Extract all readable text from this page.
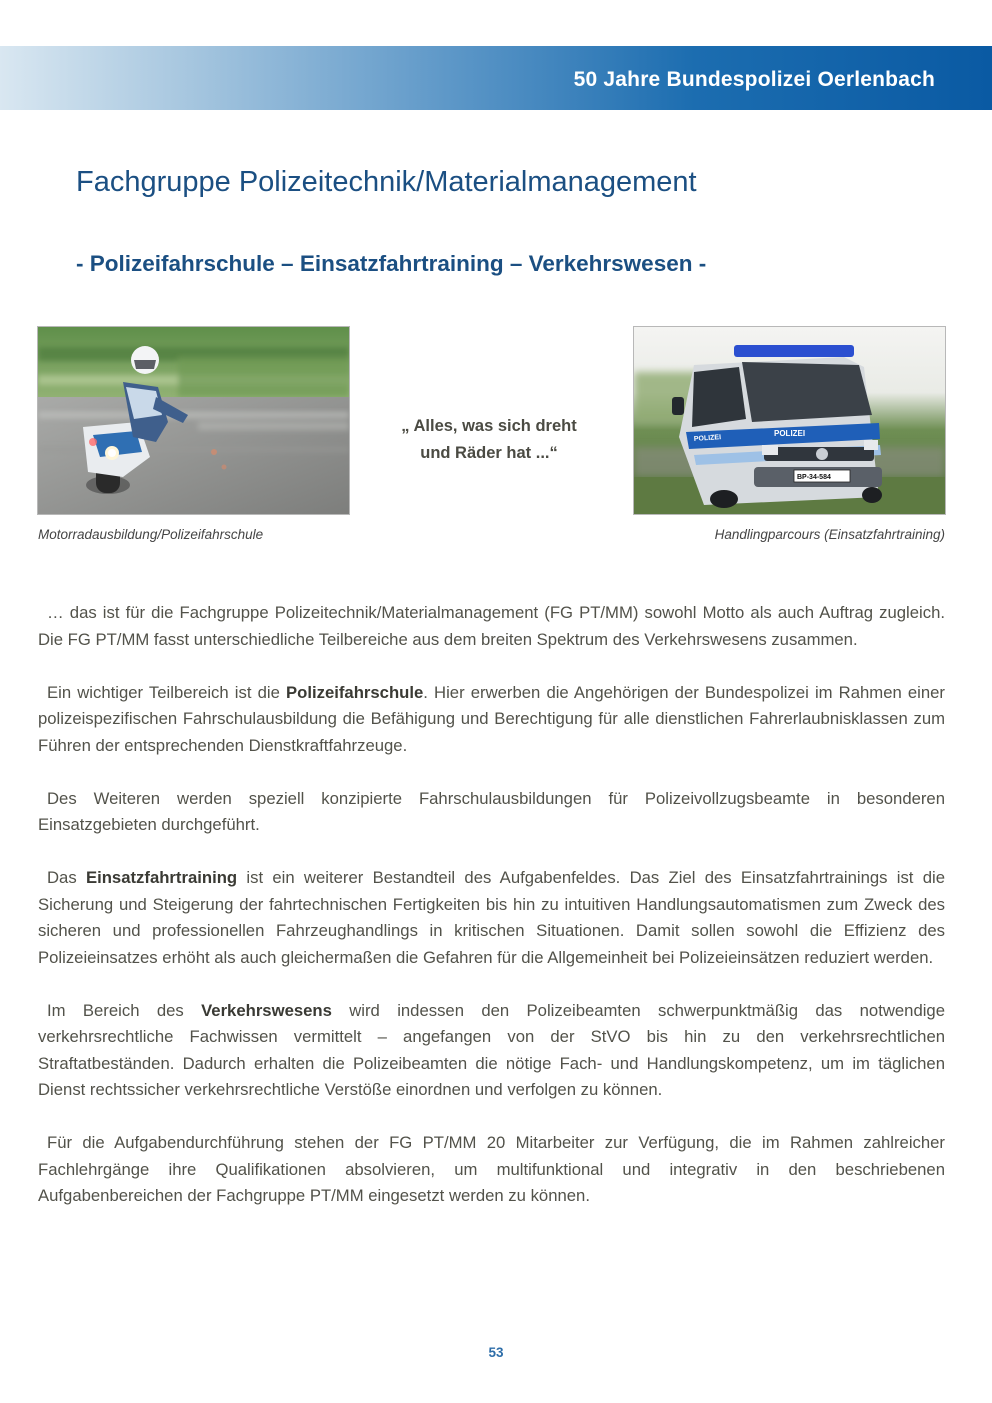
50 Jahre Bundespolizei Oerlenbach
Fachgruppe Polizeitechnik/Materialmanagement
- Polizeifahrschule – Einsatzfahrtraining – Verkehrswesen -
„ Alles, was sich dreht
und Räder hat ...“
POLIZEI
POLIZEI
BP-34-584
Motorradausbildung/Polizeifahrschule	Handlingparcours (Einsatzfahrtraining)

… das ist für die Fachgruppe Polizeitechnik/Materialmanagement (FG PT/MM) sowohl Motto als auch Auftrag zugleich. Die FG PT/MM fasst unterschiedliche Teilbereiche aus dem breiten Spektrum des Verkehrswesens zusammen.

Ein wichtiger Teilbereich ist die Polizeifahrschule. Hier erwerben die Angehörigen der Bundespolizei im Rahmen einer polizeispezifischen Fahrschulausbildung die Befähigung und Berechtigung für alle dienstlichen Fahrerlaubnisklassen zum Führen der entsprechenden Dienstkraftfahrzeuge.

Des Weiteren werden speziell konzipierte Fahrschulausbildungen für Polizeivollzugsbeamte in besonderen Einsatzgebieten durchgeführt.

Das Einsatzfahrtraining ist ein weiterer Bestandteil des Aufgabenfeldes. Das Ziel des Einsatzfahrtrainings ist die Sicherung und Steigerung der fahrtechnischen Fertigkeiten bis hin zu intuitiven Handlungsautomatismen zum Zweck des sicheren und professionellen Fahrzeughandlings in kritischen Situationen. Damit sollen sowohl die Effizienz des Polizeieinsatzes erhöht als auch gleichermaßen die Gefahren für die Allgemeinheit bei Polizeieinsätzen reduziert werden.

Im Bereich des Verkehrswesens wird indessen den Polizeibeamten schwerpunktmäßig das notwendige verkehrsrechtliche Fachwissen vermittelt – angefangen von der StVO bis hin zu den verkehrsrechtlichen Straftatbeständen. Dadurch erhalten die Polizeibeamten die nötige Fach- und Handlungskompetenz, um im täglichen Dienst rechtssicher verkehrsrechtliche Verstöße einordnen und verfolgen zu können.

Für die Aufgabendurchführung stehen der FG PT/MM 20 Mitarbeiter zur Verfügung, die im Rahmen zahlreicher Fachlehrgänge ihre Qualifikationen absolvieren, um multifunktional und integrativ in den beschriebenen Aufgabenbereichen der Fachgruppe PT/MM eingesetzt werden zu können.

53
